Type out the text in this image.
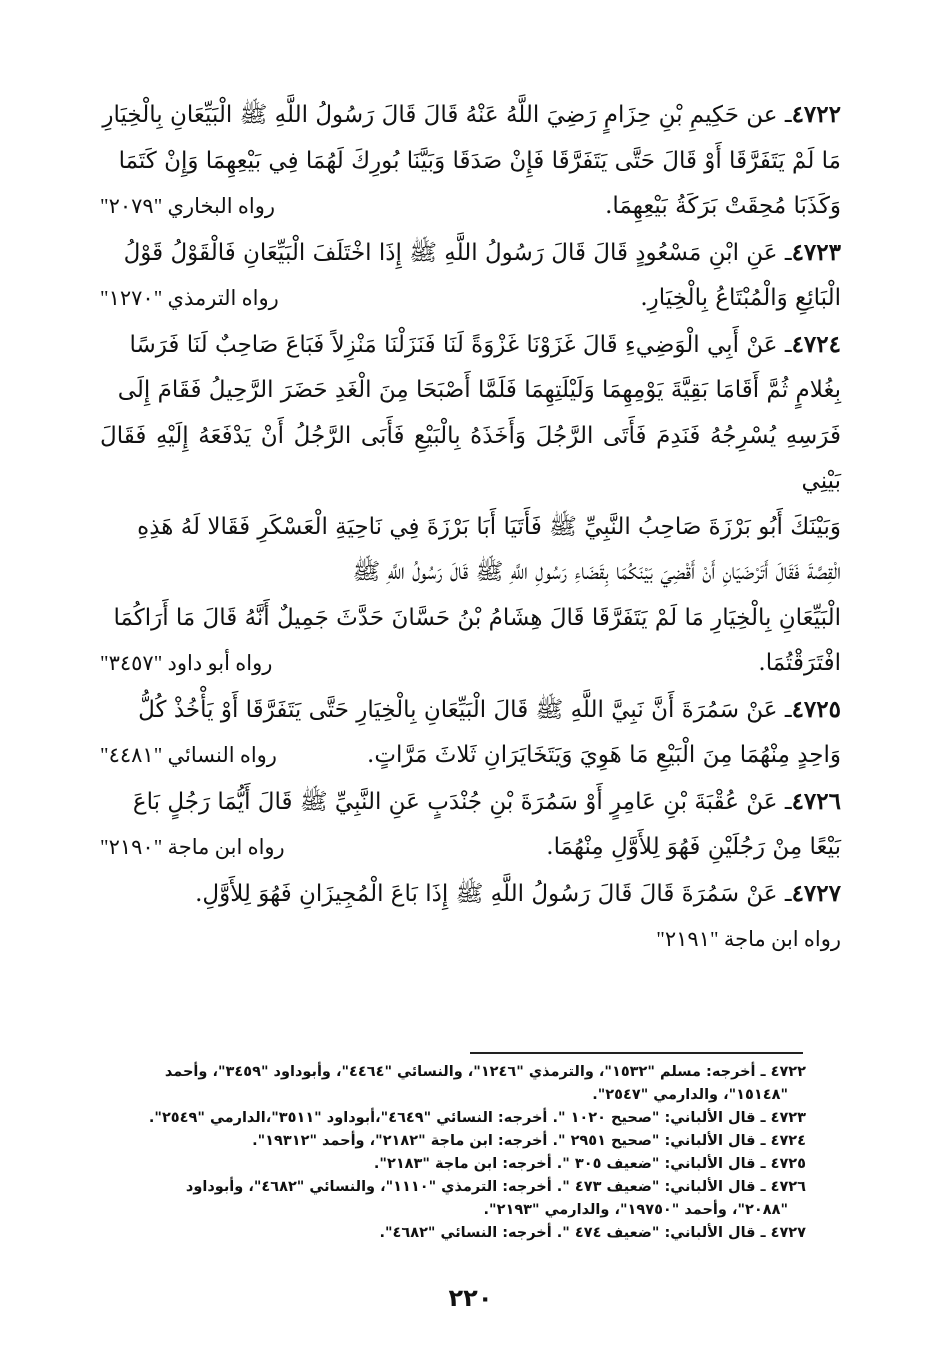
٤٧٢٢ـ عن حَكِيمِ بْنِ حِزَامٍ رَضِيَ اللَّهُ عَنْهُ قَالَ قَالَ رَسُولُ اللَّهِ ﷺ الْبَيِّعَانِ بِالْخِيَارِ
مَا لَمْ يَتَفَرَّقَا أَوْ قَالَ حَتَّى يَتَفَرَّقَا فَإِنْ صَدَقَا وَبَيَّنَا بُورِكَ لَهُمَا فِي بَيْعِهِمَا وَإِنْ كَتَمَا

وَكَذَبَا مُحِقَتْ بَرَكَةُ بَيْعِهِمَا.
رواه البخاري "٢٠٧٩"

٤٧٢٣ـ عَنِ ابْنِ مَسْعُودٍ قَالَ قَالَ رَسُولُ اللَّهِ ﷺ إِذَا اخْتَلَفَ الْبَيِّعَانِ فَالْقَوْلُ قَوْلُ

الْبَائِعِ وَالْمُبْتَاعُ بِالْخِيَارِ.
رواه الترمذي "١٢٧٠"

٤٧٢٤ـ عَنْ أَبِي الْوَضِيءِ قَالَ غَزَوْنَا غَزْوَةً لَنَا فَنَزَلْنَا مَنْزِلاً فَبَاعَ صَاحِبٌ لَنَا فَرَسًا
بِغُلامٍ ثُمَّ أَقَامَا بَقِيَّةَ يَوْمِهِمَا وَلَيْلَتِهِمَا فَلَمَّا أَصْبَحَا مِنَ الْغَدِ حَضَرَ الرَّحِيلُ فَقَامَ إِلَى
فَرَسِهِ يُسْرِجُهُ فَنَدِمَ فَأَتَى الرَّجُلَ وَأَخَذَهُ بِالْبَيْعِ فَأَبَى الرَّجُلُ أَنْ يَدْفَعَهُ إِلَيْهِ فَقَالَ بَيْنِي
وَبَيْنَكَ أَبُو بَرْزَةَ صَاحِبُ النَّبِيِّ ﷺ فَأَتَيَا أَبَا بَرْزَةَ فِي نَاحِيَةِ الْعَسْكَرِ فَقَالا لَهُ هَذِهِ
الْقِصَّةَ فَقَالَ أَتَرْضَيَانِ أَنْ أَقْضِيَ بَيْنَكُمَا بِقَضَاءِ رَسُولِ اللَّهِ ﷺ قَالَ رَسُولُ اللَّهِ ﷺ
الْبَيِّعَانِ بِالْخِيَارِ مَا لَمْ يَتَفَرَّقَا قَالَ هِشَامُ بْنُ حَسَّانَ حَدَّثَ جَمِيلٌ أَنَّهُ قَالَ مَا أَرَاكُمَا

افْتَرَقْتُمَا.
رواه أبو داود "٣٤٥٧"

٤٧٢٥ـ عَنْ سَمُرَةَ أَنَّ نَبِيَّ اللَّهِ ﷺ قَالَ الْبَيِّعَانِ بِالْخِيَارِ حَتَّى يَتَفَرَّقَا أَوْ يَأْخُذْ كُلُّ

وَاحِدٍ مِنْهُمَا مِنَ الْبَيْعِ مَا هَوِيَ وَيَتَخَايَرَانِ ثَلاثَ مَرَّاتٍ.
رواه النسائي "٤٤٨١"

٤٧٢٦ـ عَنْ عُقْبَةَ بْنِ عَامِرٍ أَوْ سَمُرَةَ بْنِ جُنْدَبٍ عَنِ النَّبِيِّ ﷺ قَالَ أَيُّمَا رَجُلٍ بَاعَ

بَيْعًا مِنْ رَجُلَيْنِ فَهُوَ لِلأَوَّلِ مِنْهُمَا.
رواه ابن ماجة "٢١٩٠"

٤٧٢٧ـ عَنْ سَمُرَةَ قَالَ قَالَ رَسُولُ اللَّهِ ﷺ إِذَا بَاعَ الْمُجِيزَانِ فَهُوَ لِلأَوَّلِ.

رواه ابن ماجة "٢١٩١"

٤٧٢٢ ـ أخرجه: مسلم "١٥٣٢"، والترمذي "١٢٤٦"، والنسائي "٤٤٦٤"، وأبوداود "٣٤٥٩"، وأحمد
"١٥١٤٨"، والدارمي "٢٥٤٧".

٤٧٢٣ ـ قال الألباني: "صحيح ١٠٢٠ ". أخرجه: النسائي "٤٦٤٩"،أبوداود "٣٥١١"،الدارمي "٢٥٤٩".

٤٧٢٤ ـ قال الألباني: "صحيح ٢٩٥١ ". أخرجه: ابن ماجة "٢١٨٢"، وأحمد "١٩٣١٢".

٤٧٢٥ ـ قال الألباني: "ضعيف ٣٠٥ ". أخرجه: ابن ماجة "٢١٨٣".

٤٧٢٦ ـ قال الألباني: "ضعيف ٤٧٣ ". أخرجه: الترمذي "١١١٠"، والنسائي "٤٦٨٢"، وأبوداود
"٢٠٨٨"، وأحمد "١٩٧٥٠"، والدارمي "٢١٩٣".

٤٧٢٧ ـ قال الألباني: "ضعيف ٤٧٤ ". أخرجه: النسائي "٤٦٨٢".

٢٢٠
